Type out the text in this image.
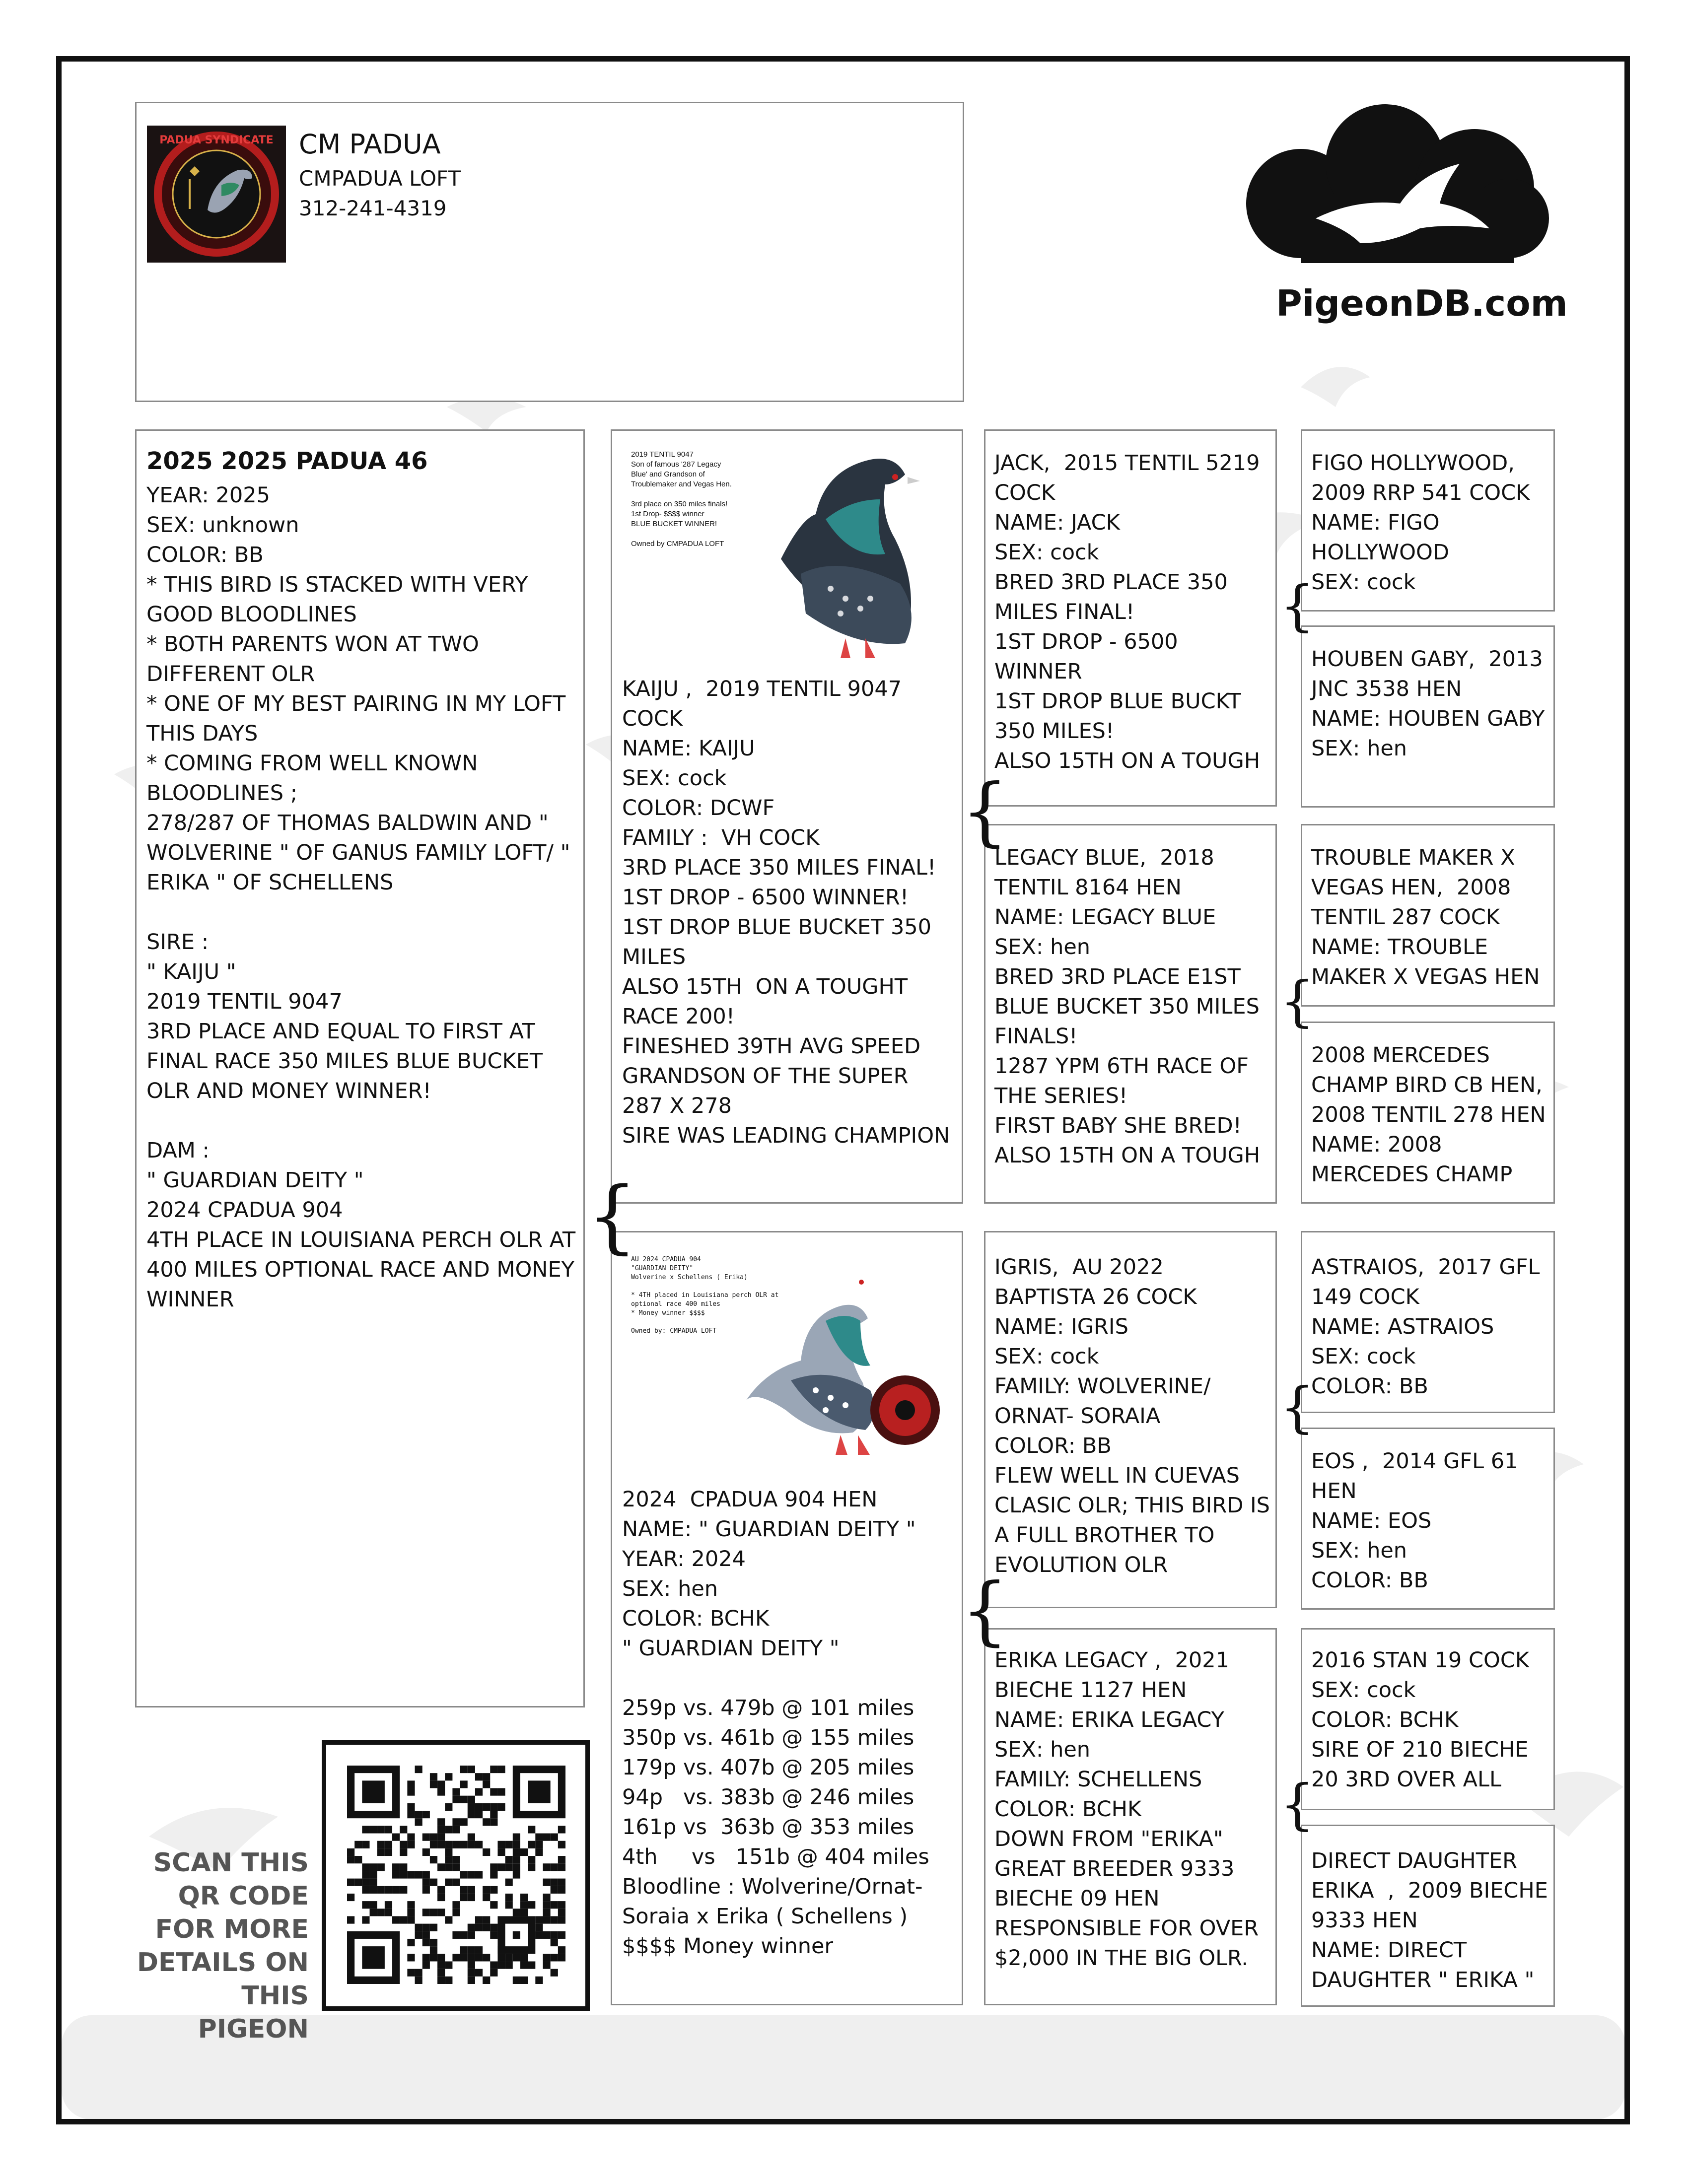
PADUA SYNDICATE CM PADUA
CMPADUA LOFT
312-241-4319
PigeonDB.com
2025 2025 PADUA 46
YEAR: 2025
SEX: unknown
COLOR: BB
* THIS BIRD IS STACKED WITH VERY GOOD BLOODLINES
* BOTH PARENTS WON AT TWO DIFFERENT OLR
* ONE OF MY BEST PAIRING IN MY LOFT THIS DAYS
* COMING FROM WELL KNOWN BLOODLINES ;
278/287 OF THOMAS BALDWIN AND " WOLVERINE " OF GANUS FAMILY LOFT/ " ERIKA " OF SCHELLENS

SIRE :
" KAIJU "
2019 TENTIL 9047
3RD PLACE AND EQUAL TO FIRST AT FINAL RACE 350 MILES BLUE BUCKET OLR AND MONEY WINNER!

DAM :
" GUARDIAN DEITY "
2024 CPADUA 904
4TH PLACE IN LOUISIANA PERCH OLR AT 400 MILES OPTIONAL RACE AND MONEY WINNER
SCAN THIS
QR CODE
FOR MORE
DETAILS ON
THIS PIGEON
2019 TENTIL 9047
Son of famous '287 Legacy
Blue' and Grandson of
Troublemaker and Vegas Hen.

3rd place on 350 miles finals!
1st Drop- $$$$ winner
BLUE BUCKET WINNER!

Owned by CMPADUA LOFT
KAIJU ,  2019 TENTIL 9047
COCK
NAME: KAIJU
SEX: cock
COLOR: DCWF
FAMILY :  VH COCK
3RD PLACE 350 MILES FINAL!
1ST DROP - 6500 WINNER!
1ST DROP BLUE BUCKET 350 MILES
ALSO 15TH  ON A TOUGHT RACE 200!
FINESHED 39TH AVG SPEED
GRANDSON OF THE SUPER 287 X 278
SIRE WAS LEADING CHAMPION
AU 2024 CPADUA 904
"GUARDIAN DEITY"
Wolverine x Schellens ( Erika)

* 4TH placed in Louisiana perch OLR at
optional race 400 miles
* Money winner $$$$

Owned by: CMPADUA LOFT
2024  CPADUA 904 HEN
NAME: " GUARDIAN DEITY "
YEAR: 2024
SEX: hen
COLOR: BCHK
" GUARDIAN DEITY "

259p vs. 479b @ 101 miles
350p vs. 461b @ 155 miles
179p vs. 407b @ 205 miles
94p   vs. 383b @ 246 miles
161p vs  363b @ 353 miles
4th     vs   151b @ 404 miles
Bloodline : Wolverine/Ornat-Soraia x Erika ( Schellens )
$$$$ Money winner
JACK,  2015 TENTIL 5219 COCK
NAME: JACK
SEX: cock
BRED 3RD PLACE 350 MILES FINAL!
1ST DROP - 6500 WINNER
1ST DROP BLUE BUCKT 350 MILES!
ALSO 15TH ON A TOUGH
LEGACY BLUE,  2018 TENTIL 8164 HEN
NAME: LEGACY BLUE
SEX: hen
BRED 3RD PLACE E1ST BLUE BUCKET 350 MILES FINALS!
1287 YPM 6TH RACE OF THE SERIES!
FIRST BABY SHE BRED!
ALSO 15TH ON A TOUGH
IGRIS,  AU 2022 BAPTISTA 26 COCK
NAME: IGRIS
SEX: cock
FAMILY: WOLVERINE/ ORNAT- SORAIA
COLOR: BB
FLEW WELL IN CUEVAS CLASIC OLR; THIS BIRD IS A FULL BROTHER TO EVOLUTION OLR
ERIKA LEGACY ,  2021 BIECHE 1127 HEN
NAME: ERIKA LEGACY
SEX: hen
FAMILY: SCHELLENS
COLOR: BCHK
DOWN FROM "ERIKA" GREAT BREEDER 9333 BIECHE 09 HEN
RESPONSIBLE FOR OVER $2,000 IN THE BIG OLR.
FIGO HOLLYWOOD,  2009 RRP 541 COCK
NAME: FIGO HOLLYWOOD
SEX: cock
HOUBEN GABY,  2013 JNC 3538 HEN
NAME: HOUBEN GABY
SEX: hen
TROUBLE MAKER X VEGAS HEN,  2008 TENTIL 287 COCK
NAME: TROUBLE MAKER X VEGAS HEN
2008 MERCEDES CHAMP BIRD CB HEN,  2008 TENTIL 278 HEN
NAME: 2008 MERCEDES CHAMP
ASTRAIOS,  2017 GFL 149 COCK
NAME: ASTRAIOS
SEX: cock
COLOR: BB
EOS ,  2014 GFL 61 HEN
NAME: EOS
SEX: hen
COLOR: BB
2016 STAN 19 COCK
SEX: cock
COLOR: BCHK
SIRE OF 210 BIECHE 20 3RD OVER ALL
DIRECT DAUGHTER ERIKA  ,  2009 BIECHE 9333 HEN
NAME: DIRECT DAUGHTER " ERIKA "
{
{
{
{
{
{
{
